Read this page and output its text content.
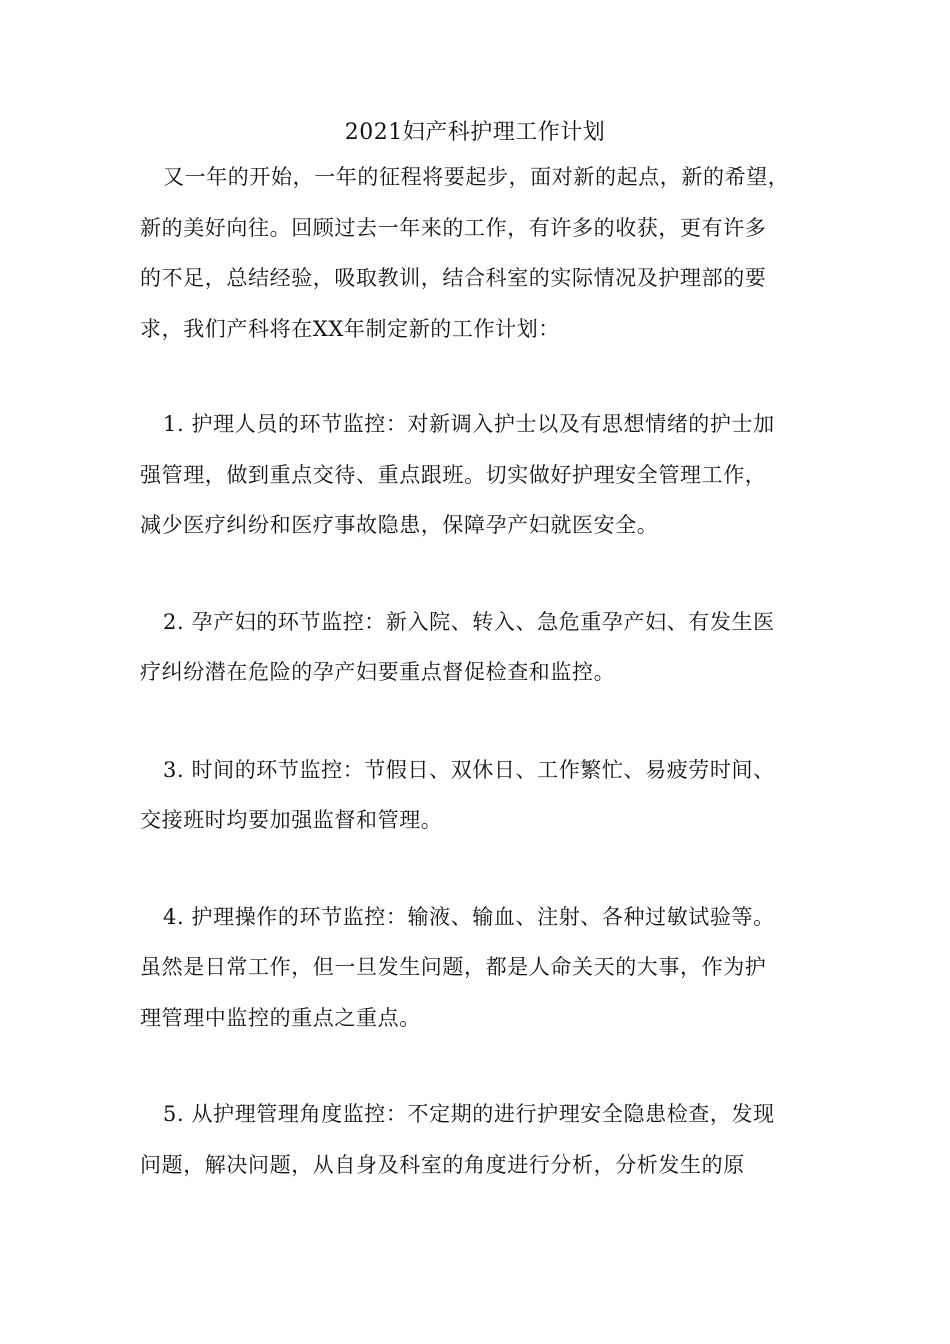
2021妇产科护理工作计划
又一年的开始，一年的征程将要起步，面对新的起点，新的希望，
新的美好向往。回顾过去一年来的工作，有许多的收获，更有许多
的不足，总结经验，吸取教训，结合科室的实际情况及护理部的要
求，我们产科将在XX年制定新的工作计划：
1. 护理人员的环节监控：对新调入护士以及有思想情绪的护士加
强管理，做到重点交待、重点跟班。切实做好护理安全管理工作，
减少医疗纠纷和医疗事故隐患，保障孕产妇就医安全。
2. 孕产妇的环节监控：新入院、转入、急危重孕产妇、有发生医
疗纠纷潜在危险的孕产妇要重点督促检查和监控。
3. 时间的环节监控：节假日、双休日、工作繁忙、易疲劳时间、
交接班时均要加强监督和管理。
4. 护理操作的环节监控：输液、输血、注射、各种过敏试验等。
虽然是日常工作，但一旦发生问题，都是人命关天的大事，作为护
理管理中监控的重点之重点。
5. 从护理管理角度监控：不定期的进行护理安全隐患检查，发现
问题，解决问题，从自身及科室的角度进行分析，分析发生的原
